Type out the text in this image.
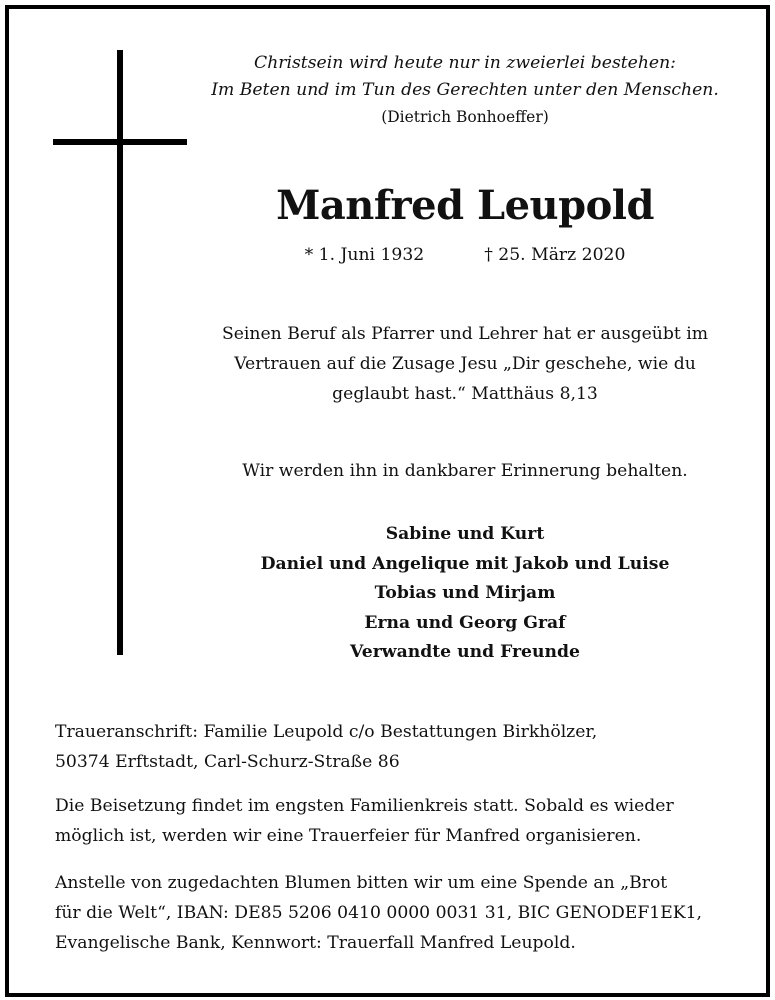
Christsein wird heute nur in zweierlei bestehen:
Im Beten und im Tun des Gerechten unter den Menschen.
(Dietrich Bonhoeffer)
Manfred Leupold
* 1. Juni 1932	† 25. März 2020
Seinen Beruf als Pfarrer und Lehrer hat er ausgeübt im
Vertrauen auf die Zusage Jesu „Dir geschehe, wie du
geglaubt hast.“ Matthäus 8,13
Wir werden ihn in dankbarer Erinnerung behalten.
Sabine und Kurt
Daniel und Angelique mit Jakob und Luise
Tobias und Mirjam
Erna und Georg Graf
Verwandte und Freunde
Traueranschrift: Familie Leupold c/o Bestattungen Birkhölzer,
50374 Erftstadt, Carl-Schurz-Straße 86
Die Beisetzung findet im engsten Familienkreis statt. Sobald es wieder
möglich ist, werden wir eine Trauerfeier für Manfred organisieren.
Anstelle von zugedachten Blumen bitten wir um eine Spende an „Brot
für die Welt“, IBAN: DE85 5206 0410 0000 0031 31, BIC GENODEF1EK1,
Evangelische Bank, Kennwort: Trauerfall Manfred Leupold.
